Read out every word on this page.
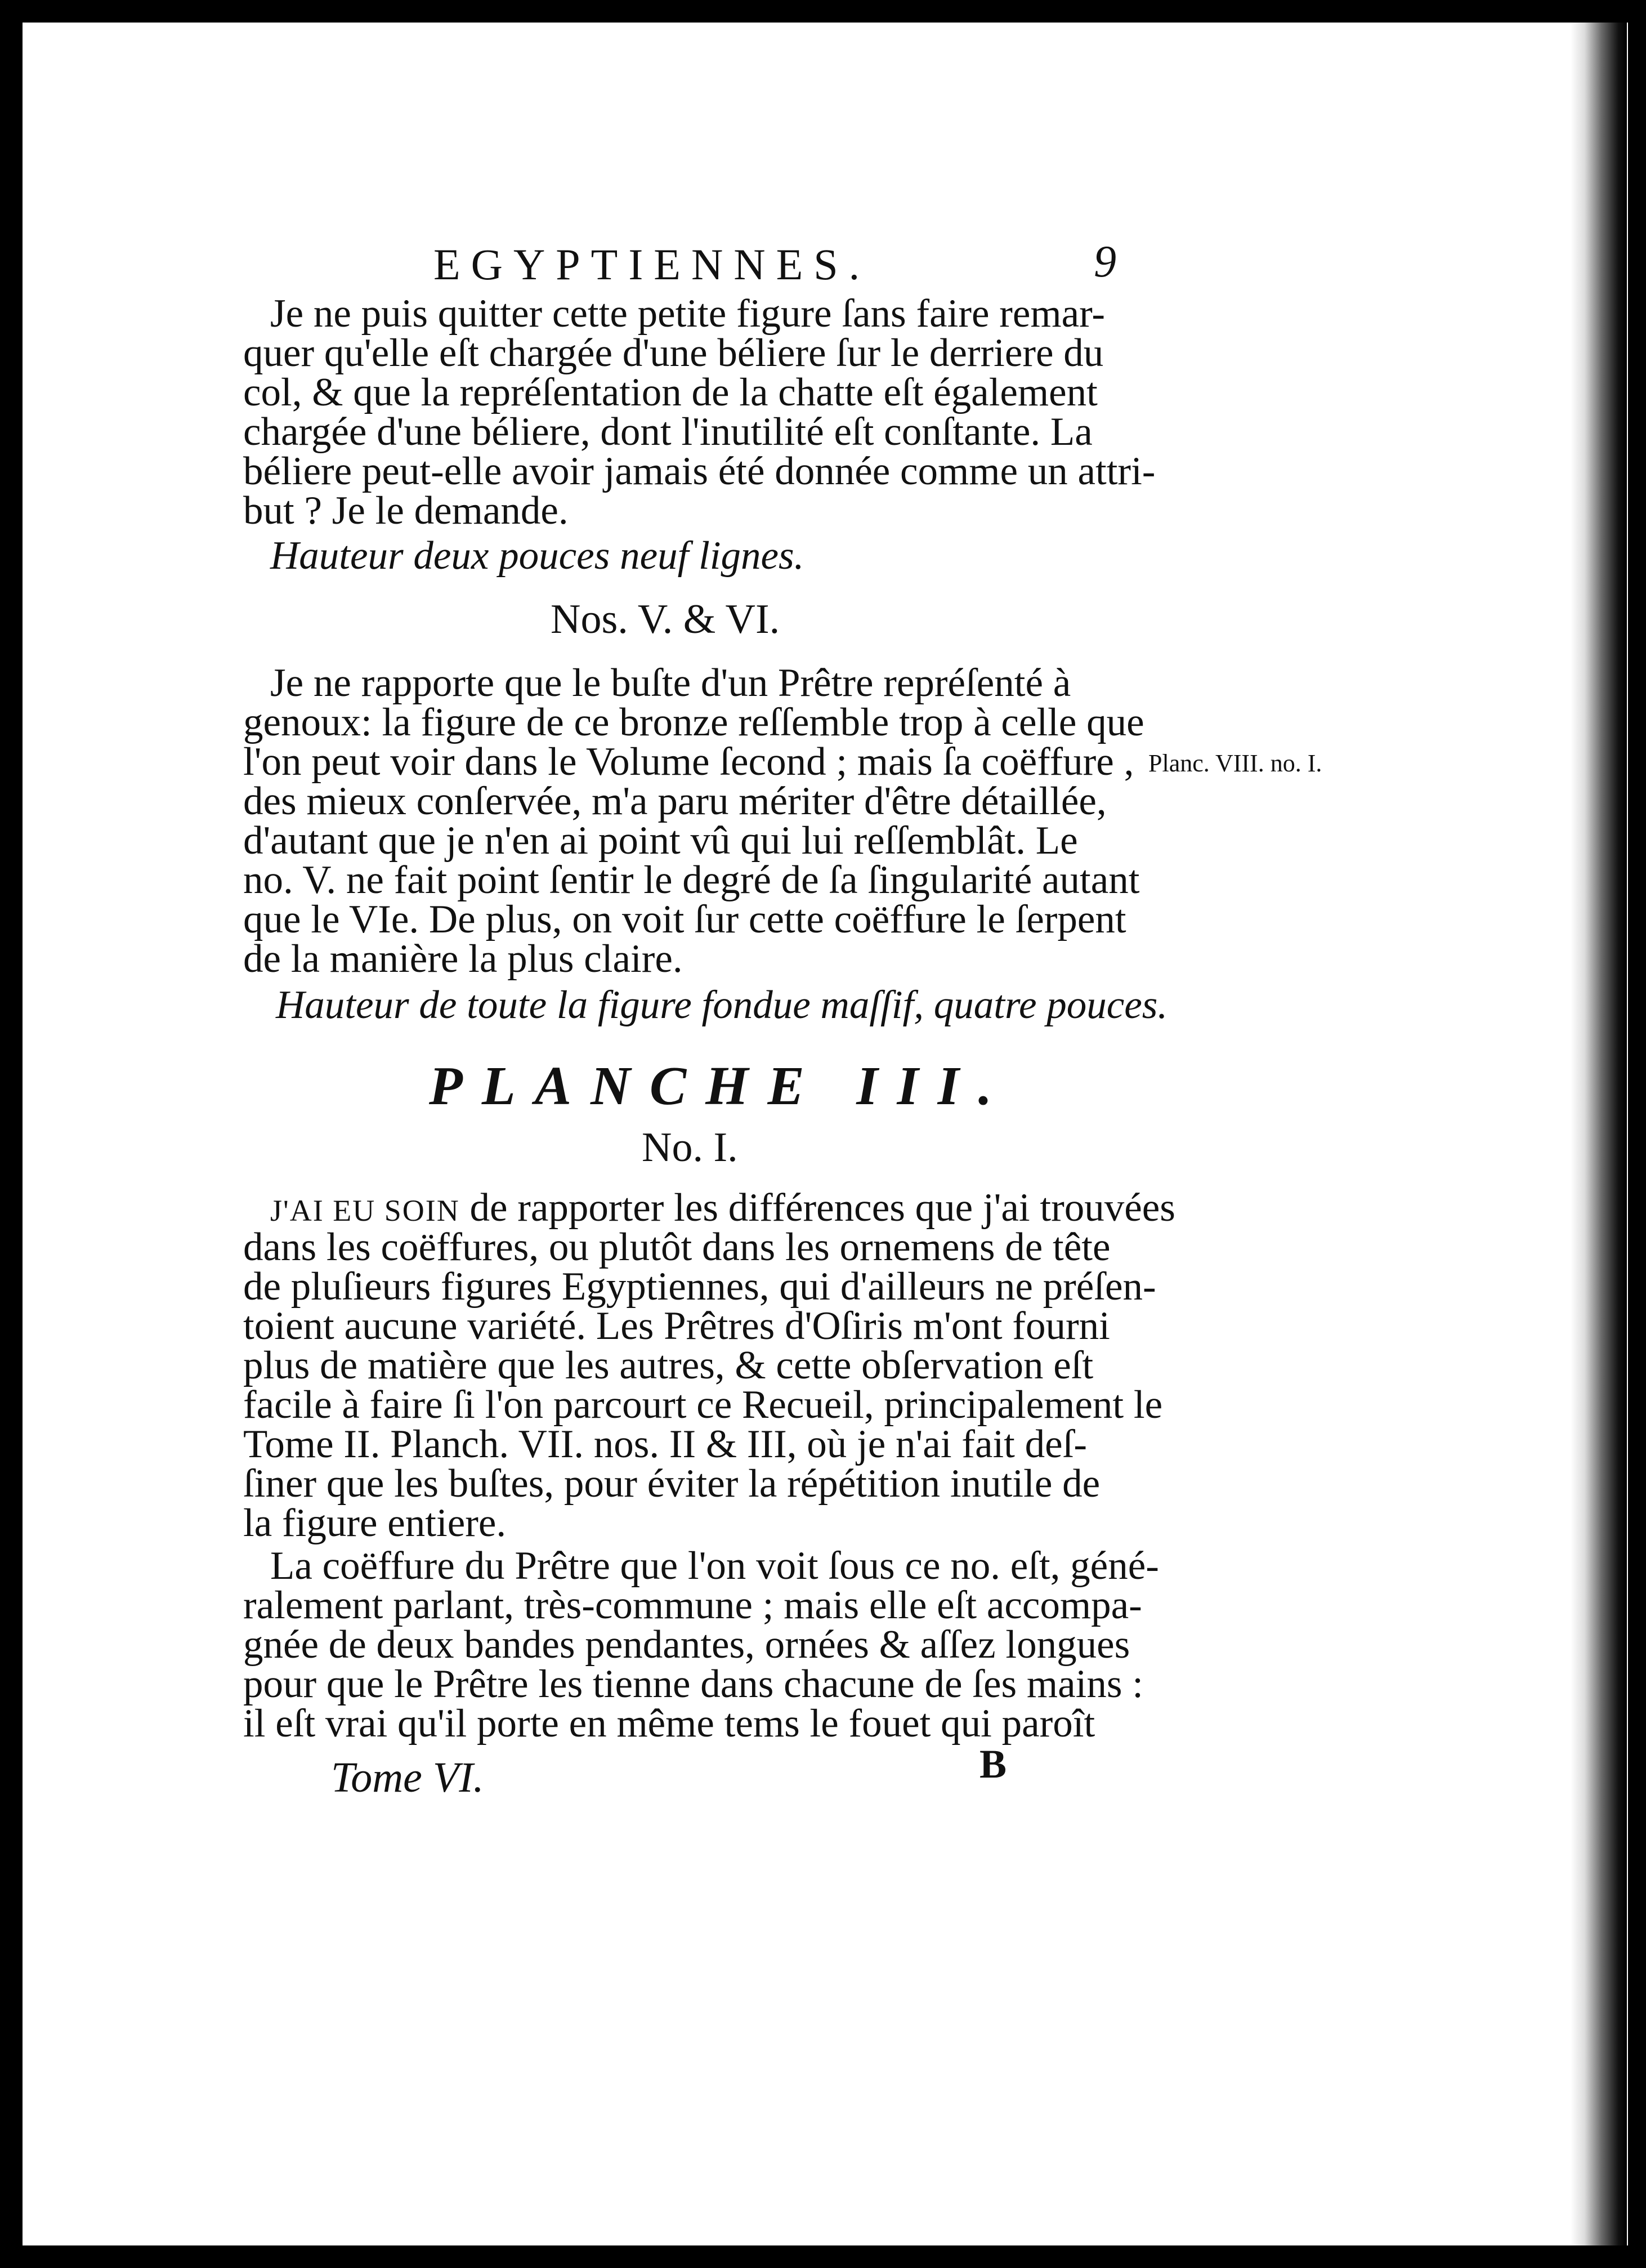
EGYPTIENNES.	9

Je ne puis quitter cette petite figure ſans faire remar-

quer qu'elle eſt chargée d'une béliere ſur le derriere du

col, & que la repréſentation de la chatte eſt également

chargée d'une béliere, dont l'inutilité eſt conſtante. La

béliere peut-elle avoir jamais été donnée comme un attri-

but ? Je le demande.

Hauteur deux pouces neuf lignes.

Nos. V. & VI.

Je ne rapporte que le buſte d'un Prêtre repréſenté à

genoux: la figure de ce bronze reſſemble trop à celle que

l'on peut voir dans le Volume ſecond ; mais ſa coëffure ,

des mieux conſervée, m'a paru mériter d'être détaillée,

d'autant que je n'en ai point vû qui lui reſſemblât. Le

no. V. ne fait point ſentir le degré de ſa ſingularité autant

que le VIe. De plus, on voit ſur cette coëffure le ſerpent

de la manière la plus claire.

Hauteur de toute la figure fondue maſſif, quatre pouces.

Planc. VIII. no. I.
PLANCHE III.
No. I.

J'AI EU SOIN de rapporter les différences que j'ai trouvées

dans les coëffures, ou plutôt dans les ornemens de tête

de pluſieurs figures Egyptiennes, qui d'ailleurs ne préſen-

toient aucune variété. Les Prêtres d'Oſiris m'ont fourni

plus de matière que les autres, & cette obſervation eſt

facile à faire ſi l'on parcourt ce Recueil, principalement le

Tome II. Planch. VII. nos. II & III, où je n'ai fait deſ-

ſiner que les buſtes, pour éviter la répétition inutile de

la figure entiere.

La coëffure du Prêtre que l'on voit ſous ce no. eſt, géné-

ralement parlant, très-commune ; mais elle eſt accompa-

gnée de deux bandes pendantes, ornées & aſſez longues

pour que le Prêtre les tienne dans chacune de ſes mains :

il eſt vrai qu'il porte en même tems le fouet qui paroît

Tome VI.	B
